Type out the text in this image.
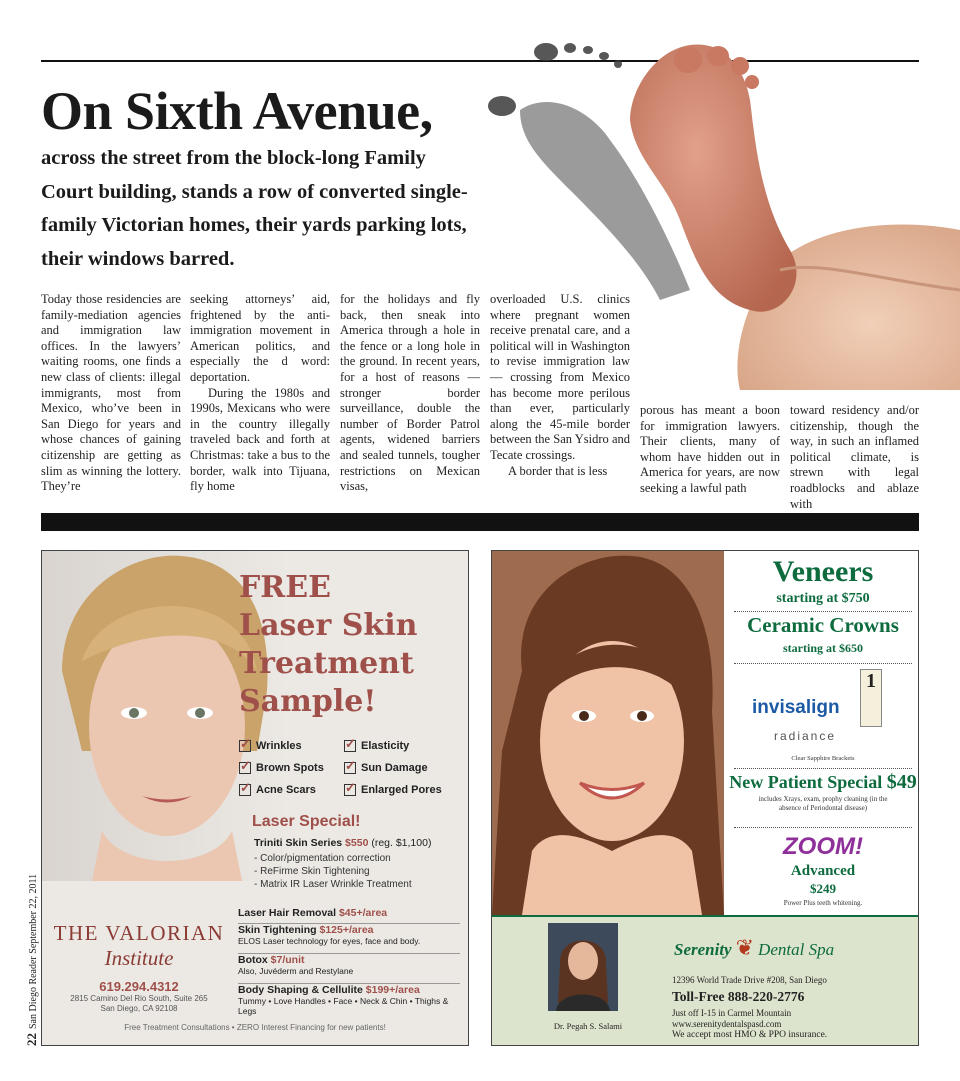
On Sixth Avenue,
across the street from the block-long Family Court building, stands a row of converted single-family Victorian homes, their yards parking lots, their windows barred.

Today those residencies are family-mediation agencies and immigration law offices. In the lawyers’ waiting rooms, one finds a new class of clients: illegal immigrants, most from Mexico, who’ve been in San Diego for years and whose chances of gaining citizenship are getting as slim as winning the lottery. They’re

seeking attorneys’ aid, frightened by the anti-immigration movement in American politics, and especially the d word: deportation.

During the 1980s and 1990s, Mexicans who were in the country illegally traveled back and forth at Christmas: take a bus to the border, walk into Tijuana, fly home

for the holidays and fly back, then sneak into America through a hole in the fence or a long hole in the ground. In recent years, for a host of reasons — stronger border surveillance, double the number of Border Patrol agents, widened barriers and sealed tunnels, tougher restrictions on Mexican visas,

overloaded U.S. clinics where pregnant women receive prenatal care, and a political will in Washington to revise immigration law — crossing from Mexico has become more perilous than ever, particularly along the 45-mile border between the San Ysidro and Tecate crossings.

A border that is less

porous has meant a boon for immigration lawyers. Their clients, many of whom have hidden out in America for years, are now seeking a lawful path

toward residency and/or citizenship, though the way, in such an inflamed political climate, is strewn with legal roadblocks and ablaze with

FREE
Laser Skin
Treatment
Sample!
✓
Wrinkles ✓	Elasticity
✓
Brown Spots ✓	Sun Damage
✓
Acne Scars ✓	Enlarged Pores
Laser Special!
Triniti Skin Series $550 (reg. $1,100)
- Color/pigmentation correction
- ReFirme Skin Tightening
- Matrix IR Laser Wrinkle Treatment
Laser Hair Removal $45+/area
Skin Tightening $125+/area
ELOS Laser technology for eyes, face and body.
Botox $7/unit
Also, Juvéderm and Restylane
Body Shaping & Cellulite $199+/area
Tummy • Love Handles • Face • Neck & Chin • Thighs & Legs
THE VALORIAN
Institute
619.294.4312
2815 Camino Del Rio South, Suite 265
San Diego, CA 92108
Free Treatment Consultations • ZERO Interest Financing for new patients!
Veneers
starting at $750
Ceramic Crowns
starting at $650
invisalign
1
radiance
Clear Sapphire Brackets
New Patient Special $49
includes Xrays, exam, prophy cleaning (in the absence of Periodontal disease)
ZOOM!
Advanced
$249
Power Plus teeth whitening.
Dr. Pegah S. Salami
Serenity ❦ Dental Spa
12396 World Trade Drive #208, San Diego
Toll-Free 888-220-2776
Just off I-15 in Carmel Mountain
www.serenitydentalspasd.com
We accept most HMO & PPO insurance.
22San Diego Reader September 22, 2011
